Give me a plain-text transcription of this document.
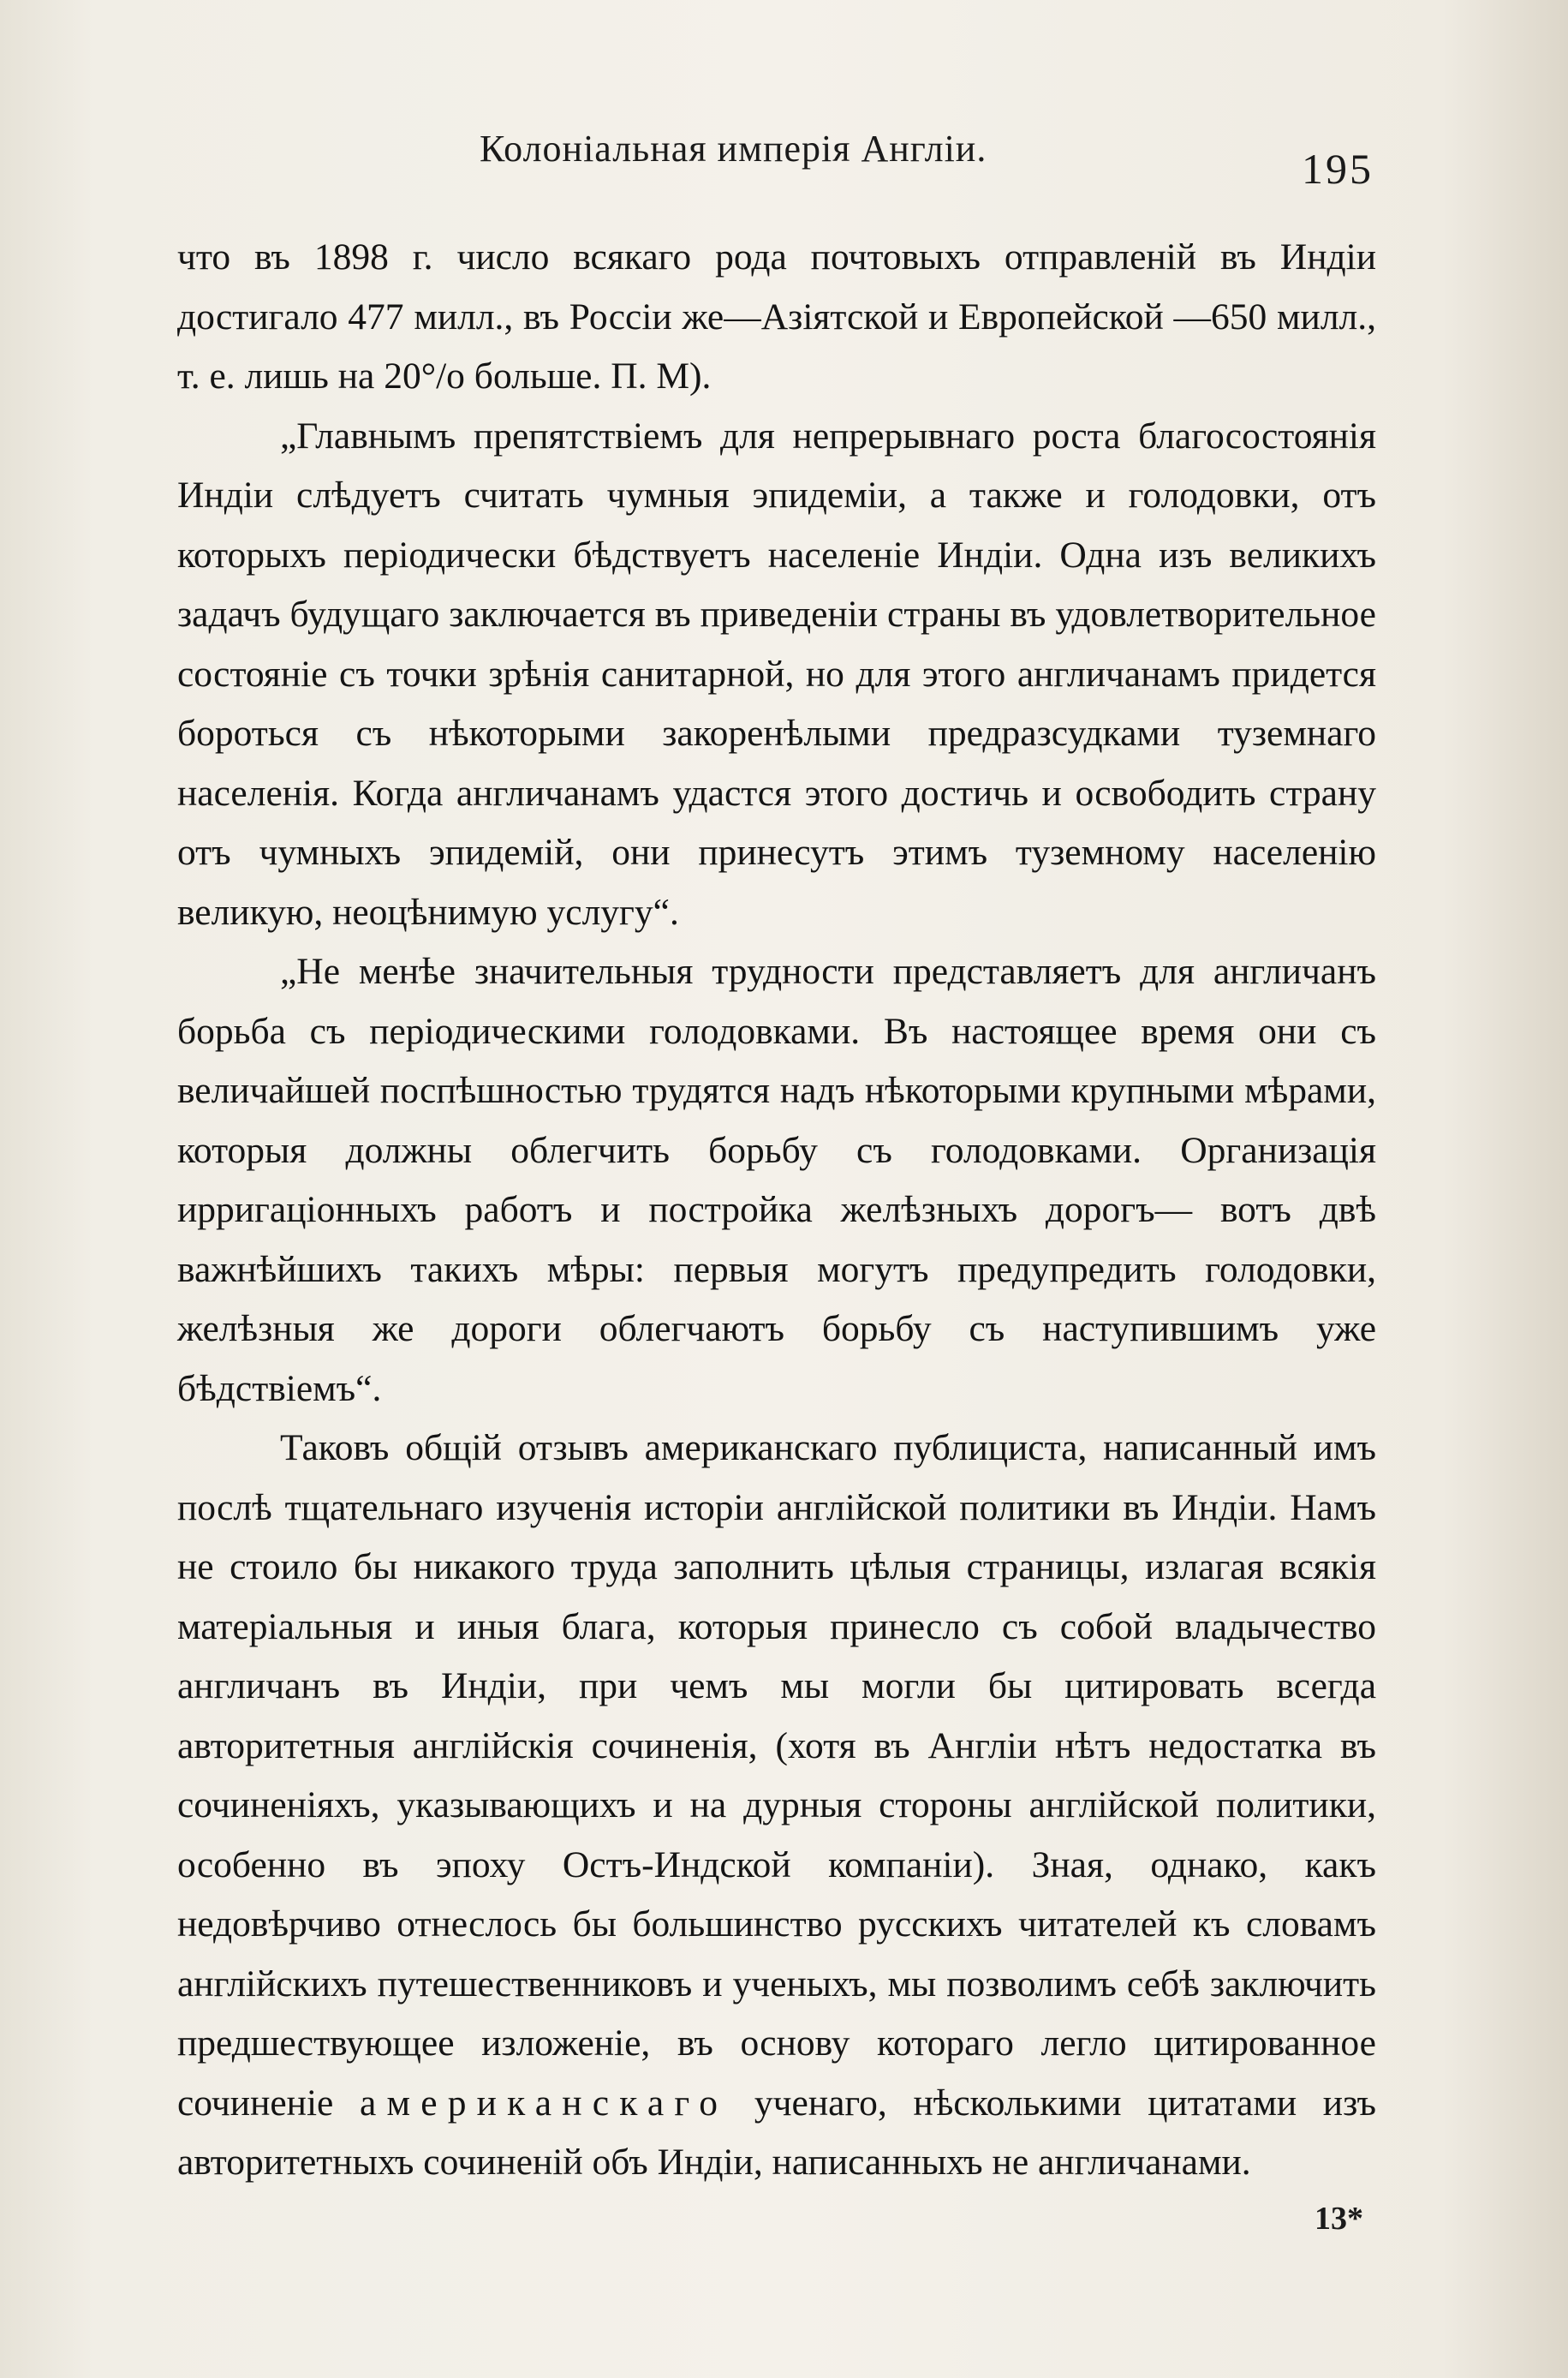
Колоніальная имперія Англіи.	195

что въ 1898 г. число всякаго рода почтовыхъ отправленій въ Индіи достигало 477 милл., въ Россіи же—Азіятской и Европейской —650 милл., т. е. лишь на 20°/о больше. П. М).

„Главнымъ препятствіемъ для непрерывнаго роста благосостоянія Индіи слѣдуетъ считать чумныя эпидеміи, а также и голодовки, отъ которыхъ періодически бѣдствуетъ населеніе Индіи. Одна изъ великихъ задачъ будущаго заключается въ приведеніи страны въ удовлетворительное состояніе съ точки зрѣнія санитарной, но для этого англичанамъ придется бороться съ нѣкоторыми закоренѣлыми предразсудками туземнаго населенія. Когда англичанамъ удастся этого достичь и освободить страну отъ чумныхъ эпидемій, они принесутъ этимъ туземному населенію великую, неоцѣнимую услугу“.

„Не менѣе значительныя трудности представляетъ для англичанъ борьба съ періодическими голодовками. Въ настоящее время они съ величайшей поспѣшностью трудятся надъ нѣкоторыми крупными мѣрами, которыя должны облегчить борьбу съ голодовками. Организація ирригаціонныхъ работъ и постройка желѣзныхъ дорогъ— вотъ двѣ важнѣйшихъ такихъ мѣры: первыя могутъ предупредить голодовки, желѣзныя же дороги облегчаютъ борьбу съ наступившимъ уже бѣдствіемъ“.

Таковъ общій отзывъ американскаго публициста, написанный имъ послѣ тщательнаго изученія исторіи англійской политики въ Индіи. Намъ не стоило бы никакого труда заполнить цѣлыя страницы, излагая всякія матеріальныя и иныя блага, которыя принесло съ собой владычество англичанъ въ Индіи, при чемъ мы могли бы цитировать всегда авторитетныя англійскія сочиненія, (хотя въ Англіи нѣтъ недостатка въ сочиненіяхъ, указывающихъ и на дурныя стороны англійской политики, особенно въ эпоху Остъ-Индской компаніи). Зная, однако, какъ недовѣрчиво отнеслось бы большинство русскихъ читателей къ словамъ англійскихъ путешественниковъ и ученыхъ, мы позволимъ себѣ заключить предшествующее изложеніе, въ основу котораго легло цитированное сочиненіе американскаго ученаго, нѣсколькими цитатами изъ авторитетныхъ сочиненій объ Индіи, написанныхъ не англичанами.

13*
